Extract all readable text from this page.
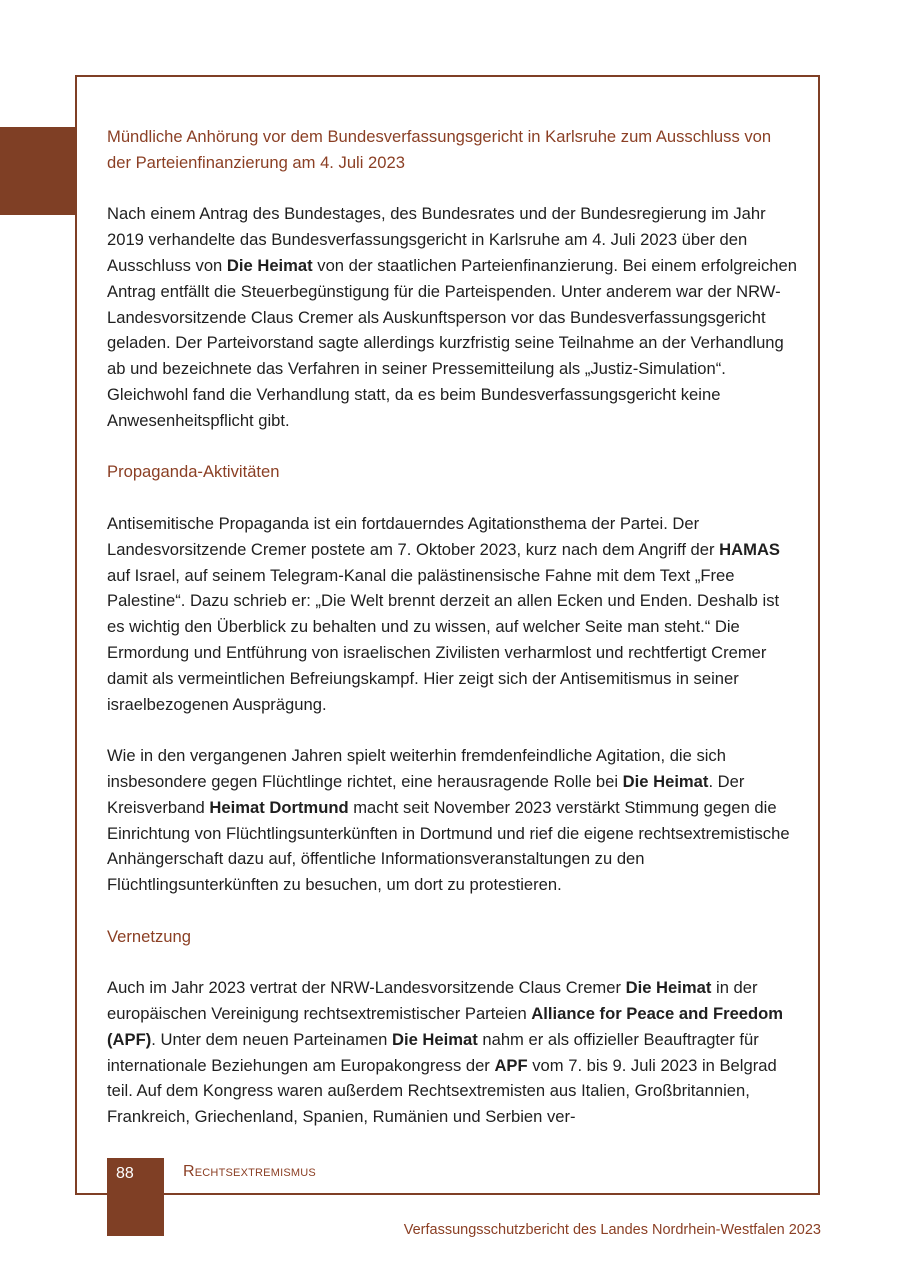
Mündliche Anhörung vor dem Bundesverfassungsgericht in Karlsruhe zum Ausschluss von der Parteienfinanzierung am 4. Juli 2023

Nach einem Antrag des Bundestages, des Bundesrates und der Bundesregierung im Jahr 2019 verhandelte das Bundesverfassungsgericht in Karlsruhe am 4. Juli 2023 über den Ausschluss von Die Heimat von der staatlichen Parteienfinanzierung. Bei einem erfolgreichen Antrag entfällt die Steuerbegünstigung für die Parteispenden. Unter anderem war der NRW-Landesvorsitzende Claus Cremer als Auskunftsperson vor das Bundesverfassungsgericht geladen. Der Parteivorstand sagte allerdings kurzfristig seine Teilnahme an der Verhandlung ab und bezeichnete das Verfahren in seiner Pressemitteilung als „Justiz-Simulation“. Gleichwohl fand die Verhandlung statt, da es beim Bundesverfassungsgericht keine Anwesenheitspflicht gibt.

Propaganda-Aktivitäten

Antisemitische Propaganda ist ein fortdauerndes Agitationsthema der Partei. Der Landesvorsitzende Cremer postete am 7. Oktober 2023, kurz nach dem Angriff der HAMAS auf Israel, auf seinem Telegram-Kanal die palästinensische Fahne mit dem Text „Free Palestine“. Dazu schrieb er: „Die Welt brennt derzeit an allen Ecken und Enden. Deshalb ist es wichtig den Überblick zu behalten und zu wissen, auf welcher Seite man steht.“ Die Ermordung und Entführung von israelischen Zivilisten verharmlost und rechtfertigt Cremer damit als vermeintlichen Befreiungskampf. Hier zeigt sich der Antisemitismus in seiner israelbezogenen Ausprägung.

Wie in den vergangenen Jahren spielt weiterhin fremdenfeindliche Agitation, die sich insbesondere gegen Flüchtlinge richtet, eine herausragende Rolle bei Die Heimat. Der Kreisverband Heimat Dortmund macht seit November 2023 verstärkt Stimmung gegen die Einrichtung von Flüchtlingsunterkünften in Dortmund und rief die eigene rechtsextremistische Anhängerschaft dazu auf, öffentliche Informationsveranstaltungen zu den Flüchtlingsunterkünften zu besuchen, um dort zu protestieren.

Vernetzung

Auch im Jahr 2023 vertrat der NRW-Landesvorsitzende Claus Cremer Die Heimat in der europäischen Vereinigung rechtsextremistischer Parteien Alliance for Peace and Freedom (APF). Unter dem neuen Parteinamen Die Heimat nahm er als offizieller Beauftragter für internationale Beziehungen am Europakongress der APF vom 7. bis 9. Juli 2023 in Belgrad teil. Auf dem Kongress waren außerdem Rechtsextremisten aus Italien, Großbritannien, Frankreich, Griechenland, Spanien, Rumänien und Serbien ver-

88	Rechtsextremismus
Verfassungsschutzbericht des Landes Nordrhein-Westfalen 2023
